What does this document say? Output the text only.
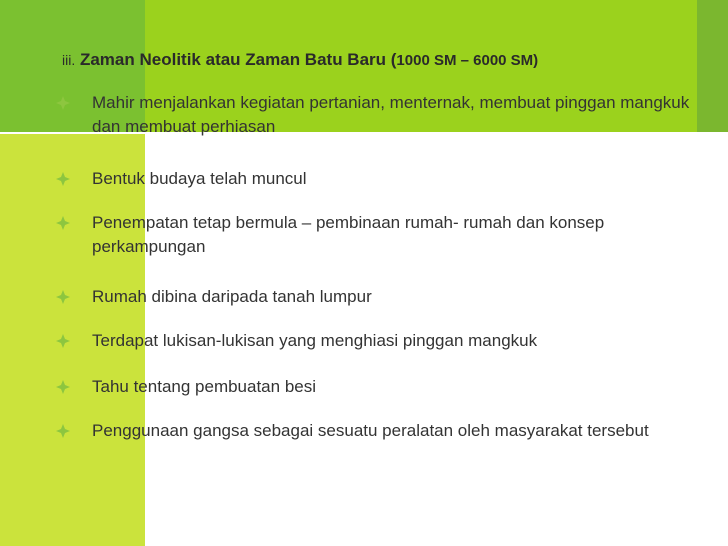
iii. Zaman Neolitik atau Zaman Batu Baru (1000 SM – 6000 SM)
Mahir menjalankan kegiatan pertanian, menternak, membuat pinggan mangkuk dan membuat perhiasan
Bentuk budaya telah muncul
Penempatan tetap bermula – pembinaan rumah- rumah dan konsep perkampungan
Rumah dibina daripada tanah lumpur
Terdapat lukisan-lukisan yang menghiasi pinggan mangkuk
Tahu tentang pembuatan besi
Penggunaan gangsa sebagai sesuatu peralatan oleh masyarakat tersebut
